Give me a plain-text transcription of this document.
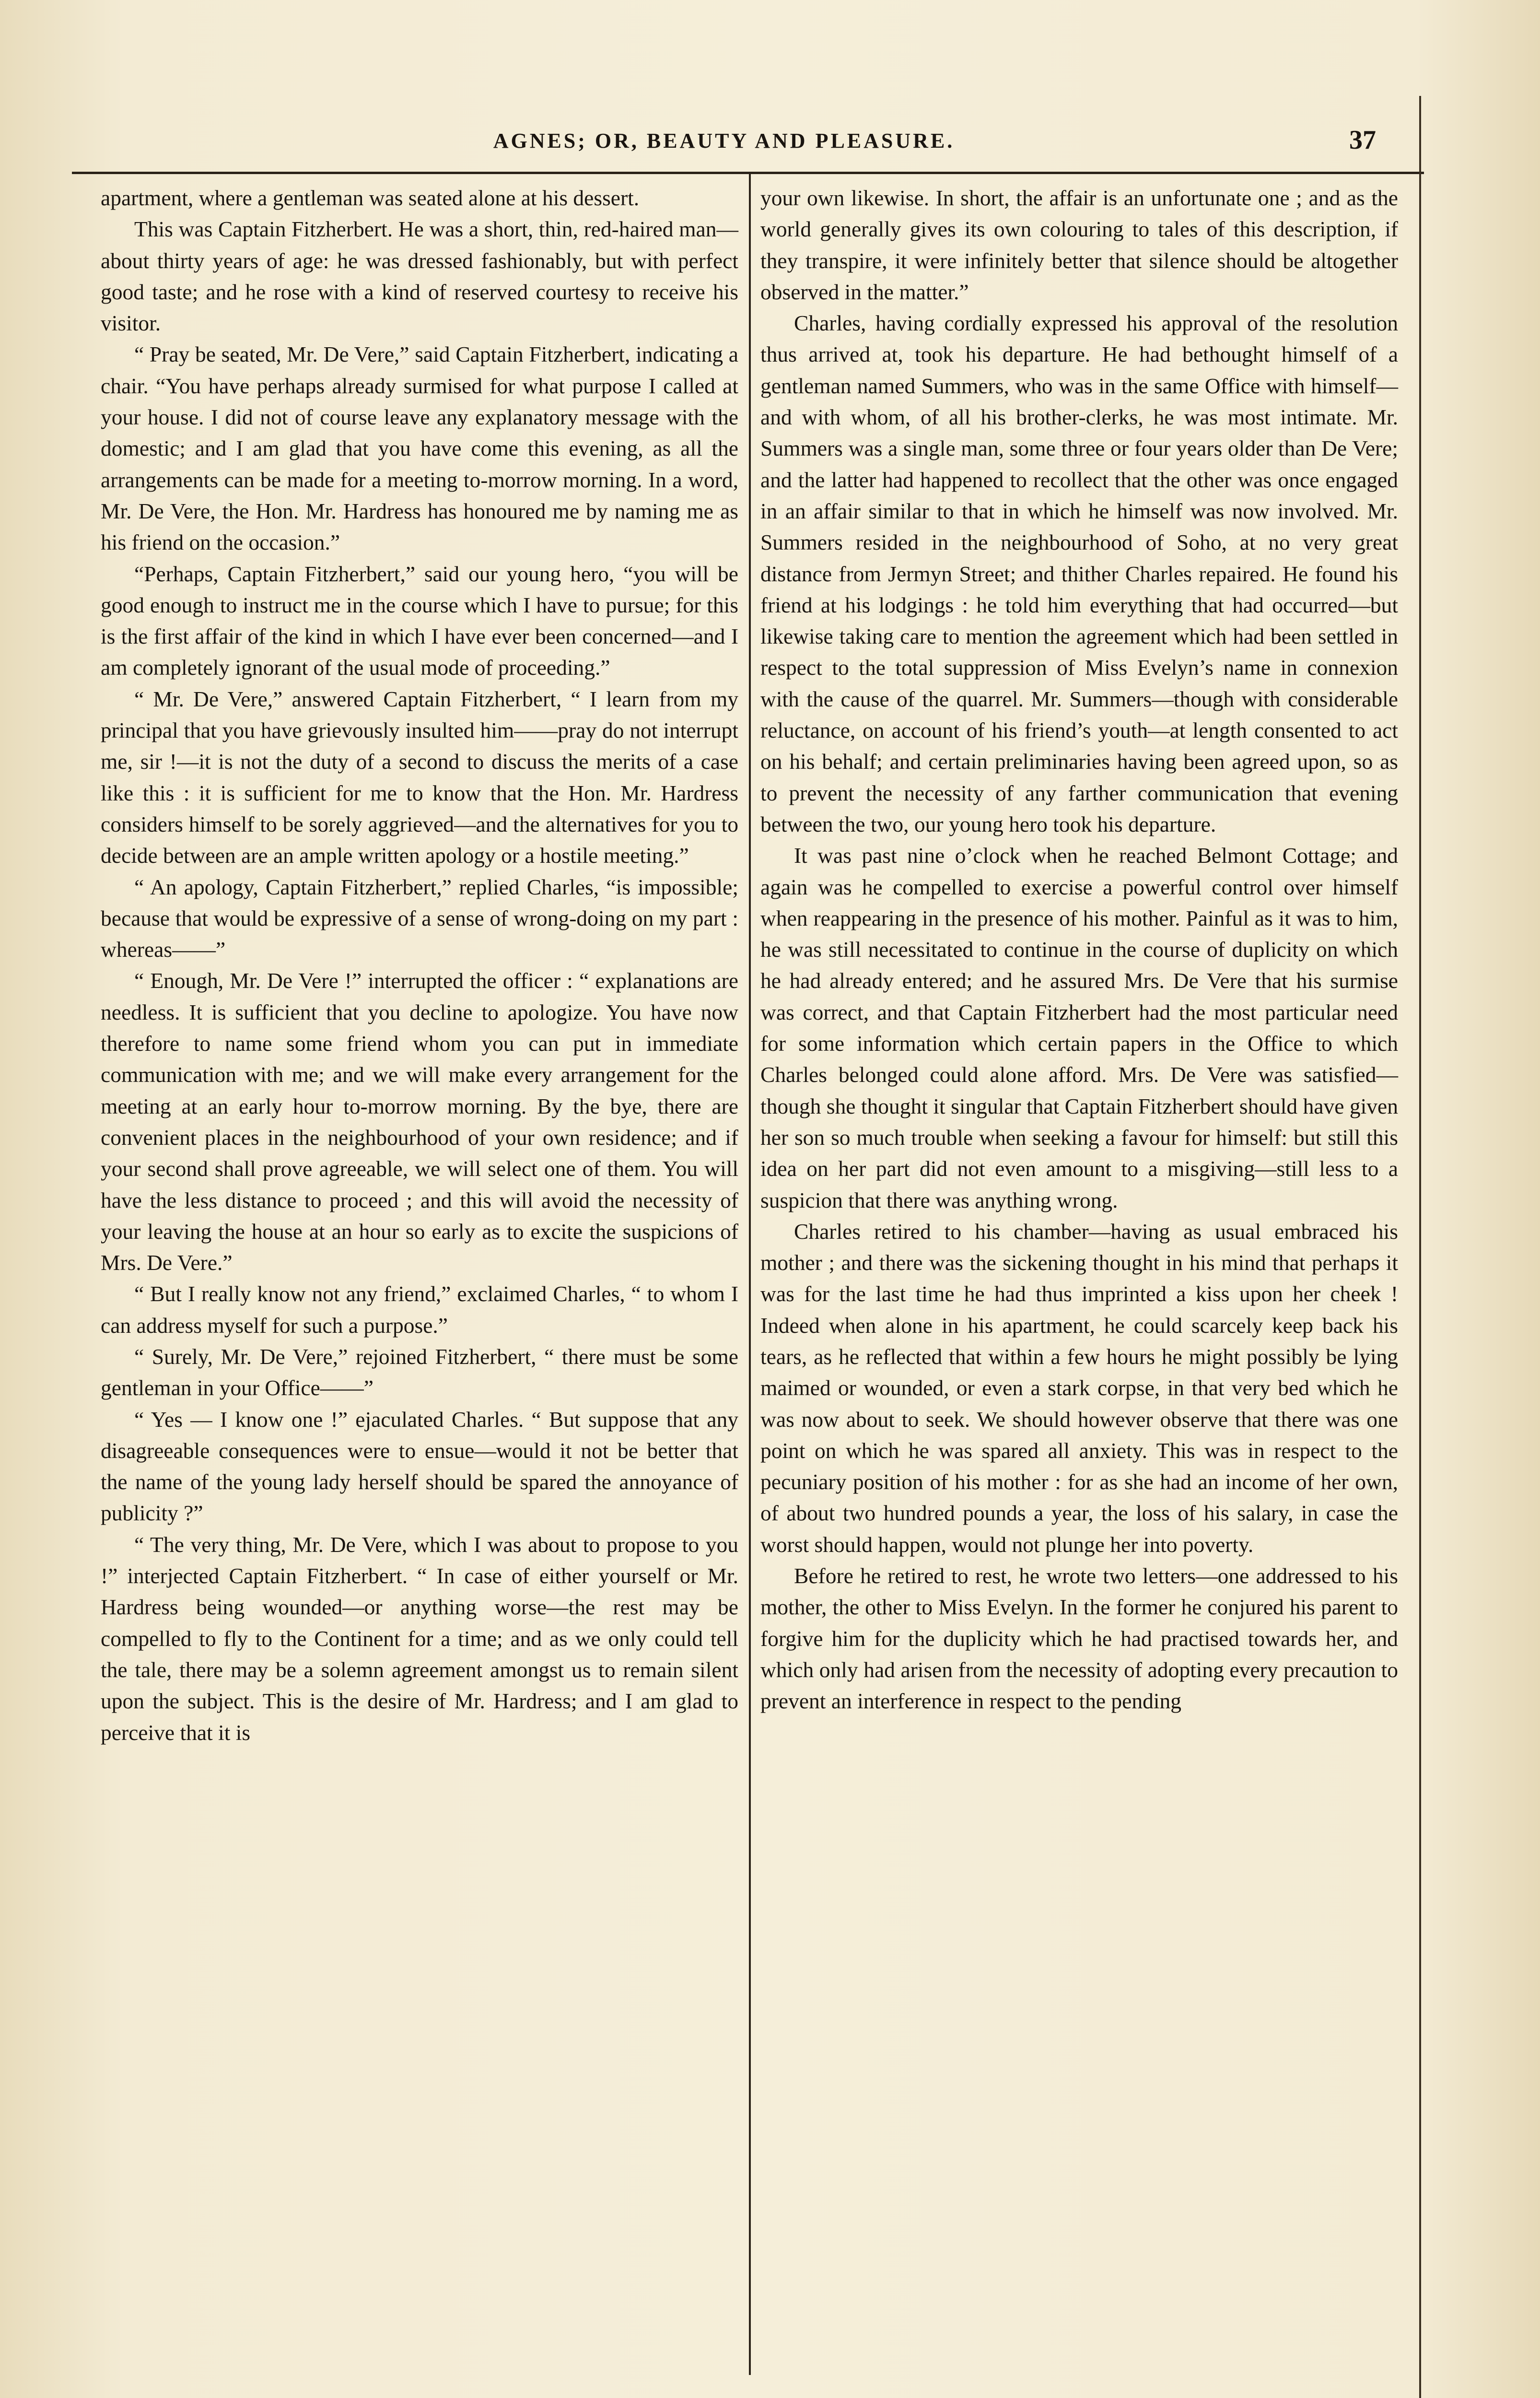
AGNES; OR, BEAUTY AND PLEASURE.	37

apartment, where a gentleman was seated alone at his dessert.

This was Captain Fitzherbert. He was a short, thin, red-haired man—about thirty years of age: he was dressed fashionably, but with perfect good taste; and he rose with a kind of reserved courtesy to receive his visitor.

“ Pray be seated, Mr. De Vere,” said Captain Fitzherbert, indicating a chair. “You have perhaps already surmised for what purpose I called at your house. I did not of course leave any explanatory message with the domestic; and I am glad that you have come this evening, as all the arrangements can be made for a meeting to-morrow morning. In a word, Mr. De Vere, the Hon. Mr. Hardress has honoured me by naming me as his friend on the occasion.”

“Perhaps, Captain Fitzherbert,” said our young hero, “you will be good enough to instruct me in the course which I have to pursue; for this is the first affair of the kind in which I have ever been concerned—and I am completely ignorant of the usual mode of proceeding.”

“ Mr. De Vere,” answered Captain Fitzherbert, “ I learn from my principal that you have grievously insulted him——pray do not interrupt me, sir !—it is not the duty of a second to discuss the merits of a case like this : it is sufficient for me to know that the Hon. Mr. Hardress considers himself to be sorely aggrieved—and the alternatives for you to decide between are an ample written apology or a hostile meeting.”

“ An apology, Captain Fitzherbert,” replied Charles, “is impossible; because that would be expressive of a sense of wrong-doing on my part : whereas——”

“ Enough, Mr. De Vere !” interrupted the officer : “ explanations are needless. It is sufficient that you decline to apologize. You have now therefore to name some friend whom you can put in immediate communication with me; and we will make every arrangement for the meeting at an early hour to-morrow morning. By the bye, there are convenient places in the neighbourhood of your own residence; and if your second shall prove agreeable, we will select one of them. You will have the less distance to proceed ; and this will avoid the necessity of your leaving the house at an hour so early as to excite the suspicions of Mrs. De Vere.”

“ But I really know not any friend,” exclaimed Charles, “ to whom I can address myself for such a purpose.”

“ Surely, Mr. De Vere,” rejoined Fitzherbert, “ there must be some gentleman in your Office——”

“ Yes — I know one !” ejaculated Charles. “ But suppose that any disagreeable consequences were to ensue—would it not be better that the name of the young lady herself should be spared the annoyance of publicity ?”

“ The very thing, Mr. De Vere, which I was about to propose to you !” interjected Captain Fitzherbert. “ In case of either yourself or Mr. Hardress being wounded—or anything worse—the rest may be compelled to fly to the Continent for a time; and as we only could tell the tale, there may be a solemn agreement amongst us to remain silent upon the subject. This is the desire of Mr. Hardress; and I am glad to perceive that it is

your own likewise. In short, the affair is an unfortunate one ; and as the world generally gives its own colouring to tales of this description, if they transpire, it were infinitely better that silence should be altogether observed in the matter.”

Charles, having cordially expressed his approval of the resolution thus arrived at, took his departure. He had bethought himself of a gentleman named Summers, who was in the same Office with himself—and with whom, of all his brother-clerks, he was most intimate. Mr. Summers was a single man, some three or four years older than De Vere; and the latter had happened to recollect that the other was once engaged in an affair similar to that in which he himself was now involved. Mr. Summers resided in the neighbourhood of Soho, at no very great distance from Jermyn Street; and thither Charles repaired. He found his friend at his lodgings : he told him everything that had occurred—but likewise taking care to mention the agreement which had been settled in respect to the total suppression of Miss Evelyn’s name in connexion with the cause of the quarrel. Mr. Summers—though with considerable reluctance, on account of his friend’s youth—at length consented to act on his behalf; and certain preliminaries having been agreed upon, so as to prevent the necessity of any farther communication that evening between the two, our young hero took his departure.

It was past nine o’clock when he reached Belmont Cottage; and again was he compelled to exercise a powerful control over himself when reappearing in the presence of his mother. Painful as it was to him, he was still necessitated to continue in the course of duplicity on which he had already entered; and he assured Mrs. De Vere that his surmise was correct, and that Captain Fitzherbert had the most particular need for some information which certain papers in the Office to which Charles belonged could alone afford. Mrs. De Vere was satisfied—though she thought it singular that Captain Fitzherbert should have given her son so much trouble when seeking a favour for himself: but still this idea on her part did not even amount to a misgiving—still less to a suspicion that there was anything wrong.

Charles retired to his chamber—having as usual embraced his mother ; and there was the sickening thought in his mind that perhaps it was for the last time he had thus imprinted a kiss upon her cheek ! Indeed when alone in his apartment, he could scarcely keep back his tears, as he reflected that within a few hours he might possibly be lying maimed or wounded, or even a stark corpse, in that very bed which he was now about to seek. We should however observe that there was one point on which he was spared all anxiety. This was in respect to the pecuniary position of his mother : for as she had an income of her own, of about two hundred pounds a year, the loss of his salary, in case the worst should happen, would not plunge her into poverty.

Before he retired to rest, he wrote two letters—one addressed to his mother, the other to Miss Evelyn. In the former he conjured his parent to forgive him for the duplicity which he had practised towards her, and which only had arisen from the necessity of adopting every precaution to prevent an interference in respect to the pending
